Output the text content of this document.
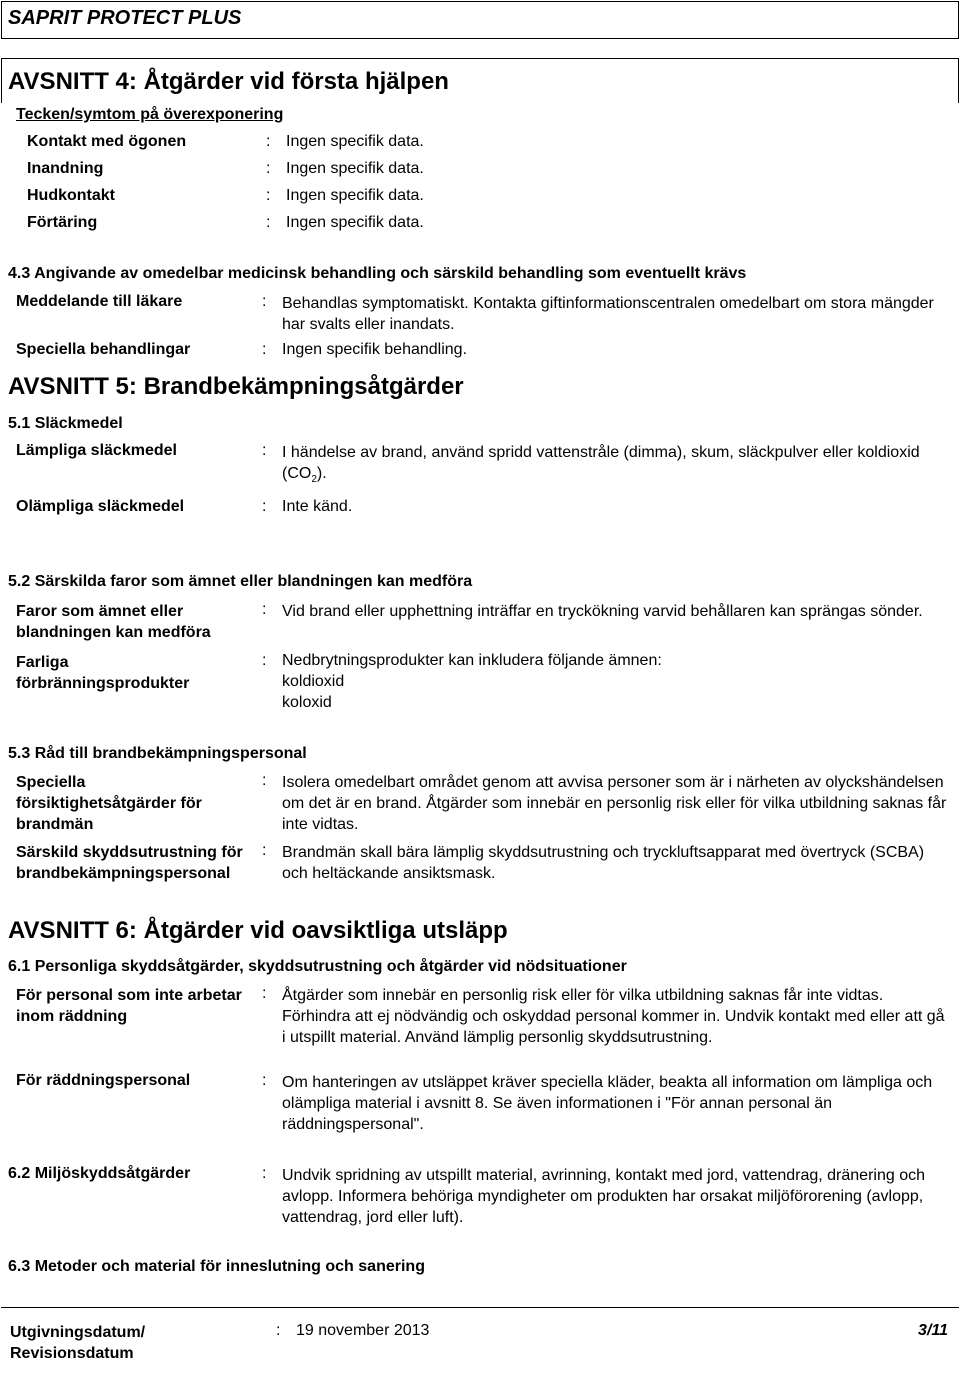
SAPRIT PROTECT PLUS
AVSNITT 4: Åtgärder vid första hjälpen
Tecken/symtom på överexponering
Kontakt med ögonen	: Ingen specifik data.
Inandning	: Ingen specifik data.
Hudkontakt	: Ingen specifik data.
Förtäring	: Ingen specifik data.
4.3 Angivande av omedelbar medicinsk behandling och särskild behandling som eventuellt krävs
Meddelande till läkare	: Behandlas symptomatiskt. Kontakta giftinformationscentralen omedelbart om stora mängder har svalts eller inandats.
Speciella behandlingar	: Ingen specifik behandling.
AVSNITT 5: Brandbekämpningsåtgärder
5.1 Släckmedel
Lämpliga släckmedel	: I händelse av brand, använd spridd vattenstråle (dimma), skum, släckpulver eller koldioxid $(CO_2)$.
Olämpliga släckmedel	: Inte känd.
5.2 Särskilda faror som ämnet eller blandningen kan medföra
Faror som ämnet eller blandningen kan medföra
: Vid brand eller upphettning inträffar en tryckökning varvid behållaren kan sprängas sönder.
Farliga förbränningsprodukter
: Nedbrytningsprodukter kan inkludera följande ämnen:
koldioxid
koloxid
5.3 Råd till brandbekämpningspersonal
Speciella försiktighetsåtgärder för brandmän
: Isolera omedelbart området genom att avvisa personer som är i närheten av olyckshändelsen om det är en brand. Åtgärder som innebär en personlig risk eller för vilka utbildning saknas får inte vidtas.
Särskild skyddsutrustning för brandbekämpningspersonal
: Brandmän skall bära lämplig skyddsutrustning och tryckluftsapparat med övertryck (SCBA) och heltäckande ansiktsmask.
AVSNITT 6: Åtgärder vid oavsiktliga utsläpp
6.1 Personliga skyddsåtgärder, skyddsutrustning och åtgärder vid nödsituationer
För personal som inte arbetar inom räddning
: Åtgärder som innebär en personlig risk eller för vilka utbildning saknas får inte vidtas. Förhindra att ej nödvändig och oskyddad personal kommer in. Undvik kontakt med eller att gå i utspillt material. Använd lämplig personlig skyddsutrustning.
För räddningspersonal	: Om hanteringen av utsläppet kräver speciella kläder, beakta all information om lämpliga och olämpliga material i avsnitt 8. Se även informationen i "För annan personal än räddningspersonal".
6.2 Miljöskyddsåtgärder	: Undvik spridning av utspillt material, avrinning, kontakt med jord, vattendrag, dränering och avlopp. Informera behöriga myndigheter om produkten har orsakat miljöförorening (avlopp, vattendrag, jord eller luft).
6.3 Metoder och material för inneslutning och sanering
Utgivningsdatum/ Revisionsdatum
: 19 november 2013	3/11
